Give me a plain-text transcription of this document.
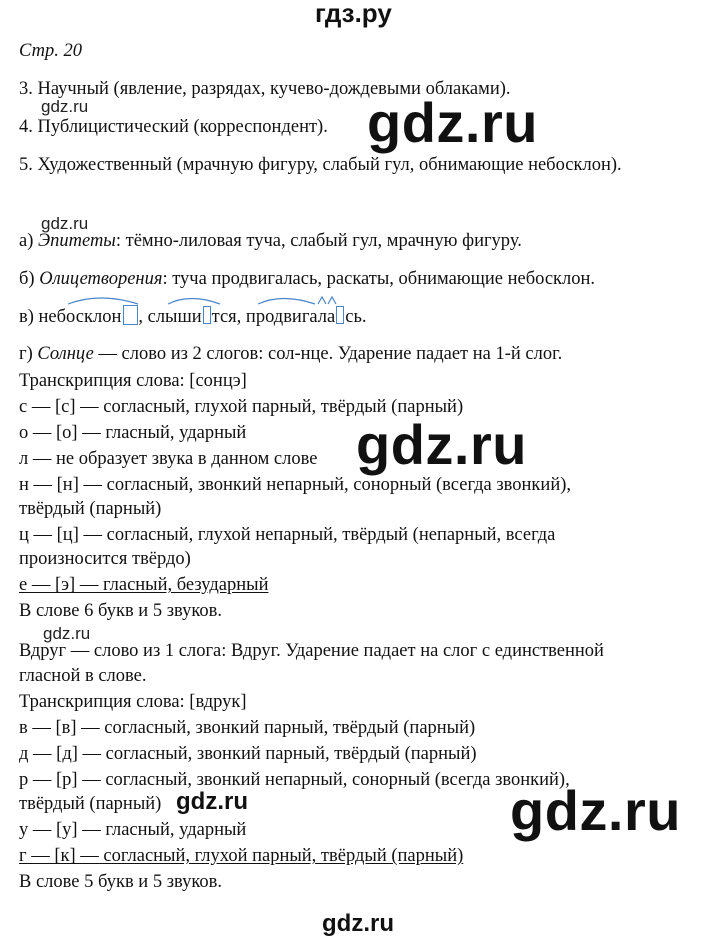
гдз.ру
Стр. 20
3. Научный (явление, разрядах, кучево-дождевыми облаками).
gdz.ru
4. Публицистический (корреспондент). gdz.ru
5. Художественный (мрачную фигуру, слабый гул, обнимающие небосклон).
gdz.ru
а) Эпитеты: тёмно-лиловая туча, слабый гул, мрачную фигуру.
б) Олицетворения: туча продвигалась, раскаты, обнимающие небосклон.
в) небосклон , слыши тся, продвигала сь.
г) Солнце — слово из 2 слогов: сол-нце. Ударение падает на 1-й слог.
Транскрипция слова: [сонцэ]
с — [с] — согласный, глухой парный, твёрдый (парный)
о — [о] — гласный, ударный
л — не образует звука в данном слове gdz.ru
н — [н] — согласный, звонкий непарный, сонорный (всегда звонкий),
твёрдый (парный)
ц — [ц] — согласный, глухой непарный, твёрдый (непарный, всегда
произносится твёрдо)
е — [э] — гласный, безударный
В слове 6 букв и 5 звуков.
gdz.ru
Вдруг — слово из 1 слога: Вдруг. Ударение падает на слог с единственной
гласной в слове.
Транскрипция слова: [вдрук]
в — [в] — согласный, звонкий парный, твёрдый (парный)
д — [д] — согласный, звонкий парный, твёрдый (парный)
р — [р] — согласный, звонкий непарный, сонорный (всегда звонкий),
твёрдый (парный) gdz.ru	gdz.ru
у — [у] — гласный, ударный
г — [к] — согласный, глухой парный, твёрдый (парный)
В слове 5 букв и 5 звуков.
gdz.ru
